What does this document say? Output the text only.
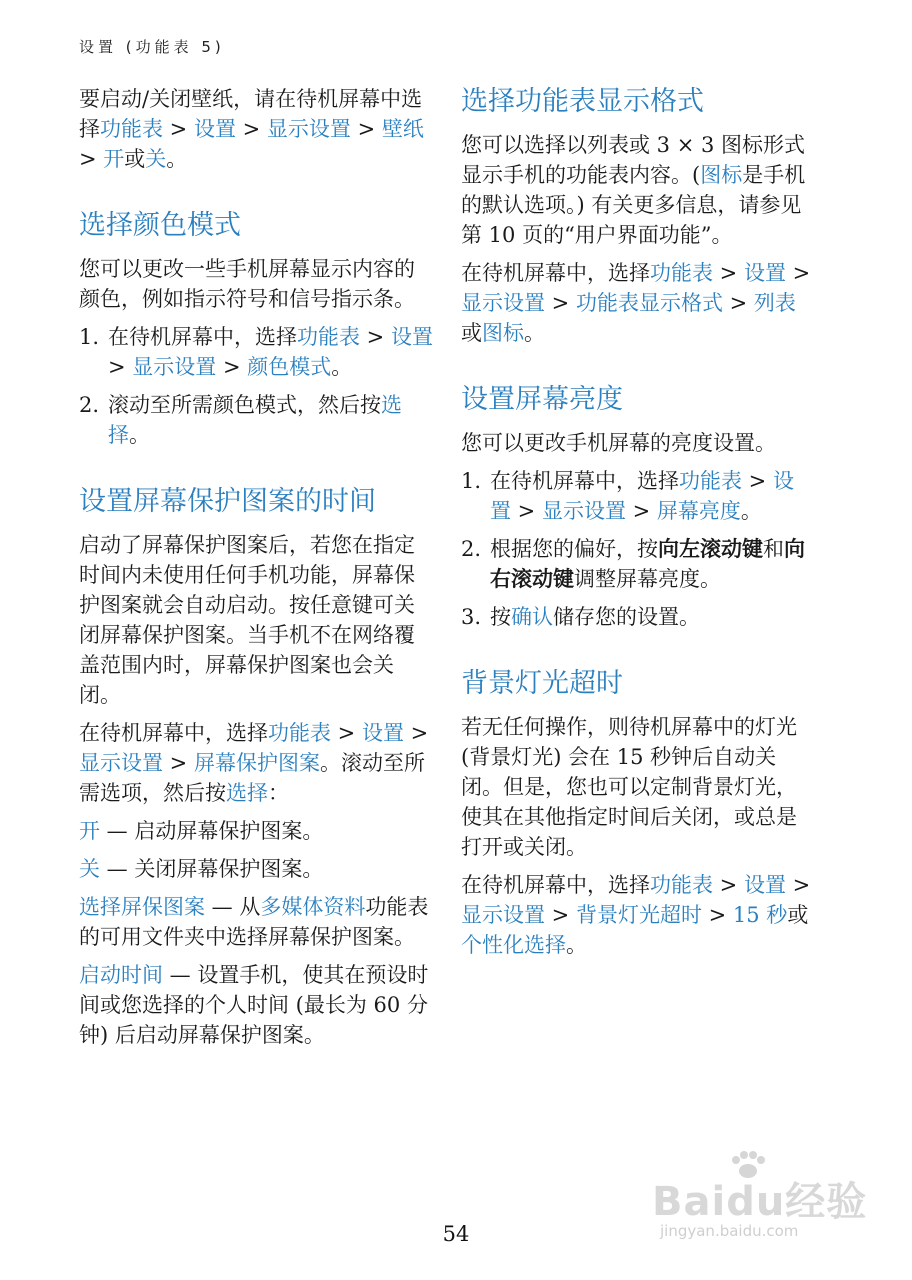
设置 (功能表 5)

要启动/关闭壁纸，请在待机屏幕中选择功能表 > 设置 > 显示设置 > 壁纸 > 开或关。

选择颜色模式

您可以更改一些手机屏幕显示内容的颜色，例如指示符号和信号指示条。

1. 在待机屏幕中，选择功能表 > 设置 > 显示设置 > 颜色模式。
2. 滚动至所需颜色模式，然后按选择。
设置屏幕保护图案的时间

启动了屏幕保护图案后，若您在指定时间内未使用任何手机功能，屏幕保护图案就会自动启动。按任意键可关闭屏幕保护图案。当手机不在网络覆盖范围内时，屏幕保护图案也会关闭。

在待机屏幕中，选择功能表 > 设置 > 显示设置 > 屏幕保护图案。滚动至所需选项，然后按选择：

开 — 启动屏幕保护图案。

关 — 关闭屏幕保护图案。

选择屏保图案 — 从多媒体资料功能表的可用文件夹中选择屏幕保护图案。

启动时间 — 设置手机，使其在预设时间或您选择的个人时间 (最长为 60 分钟) 后启动屏幕保护图案。

选择功能表显示格式

您可以选择以列表或 3 × 3 图标形式显示手机的功能表内容。(图标是手机的默认选项。) 有关更多信息，请参见第 10 页的“用户界面功能”。

在待机屏幕中，选择功能表 > 设置 > 显示设置 > 功能表显示格式 > 列表或图标。

设置屏幕亮度

您可以更改手机屏幕的亮度设置。

1. 在待机屏幕中，选择功能表 > 设置 > 显示设置 > 屏幕亮度。
2. 根据您的偏好，按向左滚动键和向右滚动键调整屏幕亮度。
3. 按确认储存您的设置。
背景灯光超时

若无任何操作，则待机屏幕中的灯光 (背景灯光) 会在 15 秒钟后自动关闭。但是，您也可以定制背景灯光，使其在其他指定时间后关闭，或总是打开或关闭。

在待机屏幕中，选择功能表 > 设置 > 显示设置 > 背景灯光超时 > 15 秒或个性化选择。

Baidu经验
jingyan.baidu.com
54
